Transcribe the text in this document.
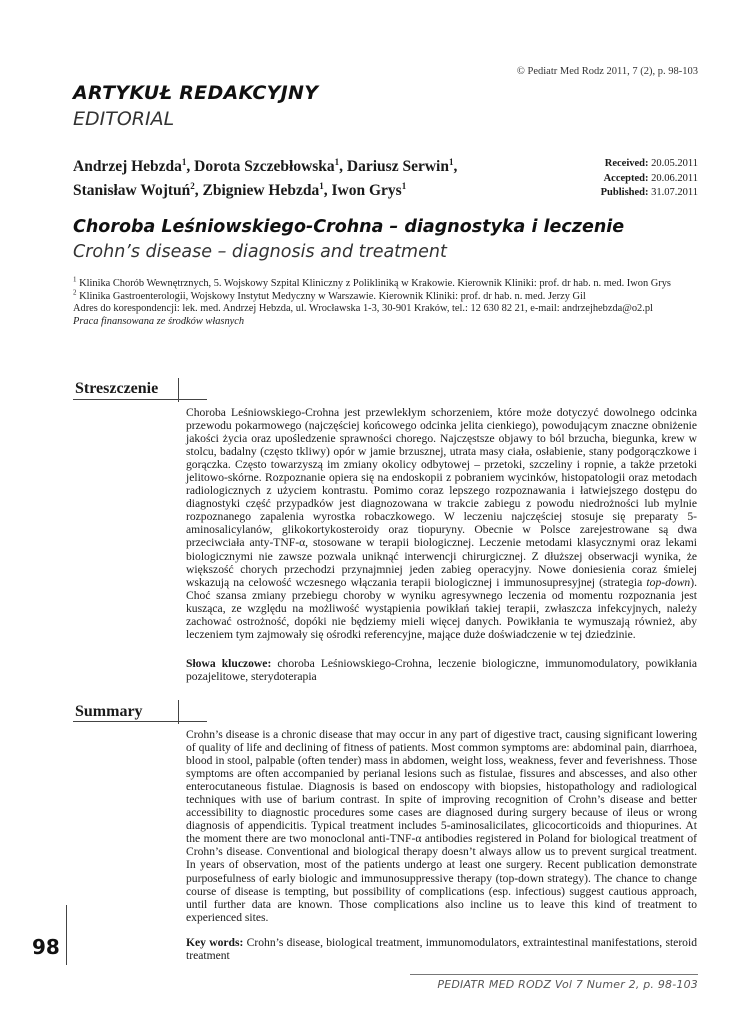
© Pediatr Med Rodz 2011, 7 (2), p. 98-103
ARTYKUŁ REDAKCYJNY
EDITORIAL
Andrzej Hebzda$^1$, Dorota Szczebłowska$^1$, Dariusz Serwin$^1$,
Stanisław Wojtuń$^2$, Zbigniew Hebzda$^1$, Iwon Grys$^1$
Received: 20.05.2011
Accepted: 20.06.2011
Published: 31.07.2011
Choroba Leśniowskiego-Crohna – diagnostyka i leczenie
Crohn’s disease – diagnosis and treatment
$^1$ Klinika Chorób Wewnętrznych, 5. Wojskowy Szpital Kliniczny z Polikliniką w Krakowie. Kierownik Kliniki: prof. dr hab. n. med. Iwon Grys
$^2$ Klinika Gastroenterologii, Wojskowy Instytut Medyczny w Warszawie. Kierownik Kliniki: prof. dr hab. n. med. Jerzy Gil
Adres do korespondencji: lek. med. Andrzej Hebzda, ul. Wrocławska 1-3, 30-901 Kraków, tel.: 12 630 82 21, e-mail: andrzejhebzda@o2.pl
Praca finansowana ze środków własnych
Streszczenie
Choroba Leśniowskiego-Crohna jest przewlekłym schorzeniem, które może dotyczyć dowolnego odcinka przewodu pokarmowego (najczęściej końcowego odcinka jelita cienkiego), powodującym znaczne obniżenie jakości życia oraz upośledzenie sprawności chorego. Najczęstsze objawy to ból brzucha, biegunka, krew w stolcu, badalny (często tkliwy) opór w jamie brzusznej, utrata masy ciała, osłabienie, stany podgorączkowe i gorączka. Często towarzyszą im zmiany okolicy odbytowej – przetoki, szczeliny i ropnie, a także przetoki jelitowo-skórne. Rozpoznanie opiera się na endoskopii z pobraniem wycinków, histopatologii oraz metodach radiologicznych z użyciem kontrastu. Pomimo coraz lepszego rozpoznawania i łatwiejszego dostępu do diagnostyki część przypadków jest diagnozowana w trakcie zabiegu z powodu niedrożności lub mylnie rozpoznanego zapalenia wyrostka robaczkowego. W leczeniu najczęściej stosuje się preparaty 5-aminosalicylanów, glikokortykosteroidy oraz tiopuryny. Obecnie w Polsce zarejestrowane są dwa przeciwciała anty-TNF-α, stosowane w terapii biologicznej. Leczenie metodami klasycznymi oraz lekami biologicznymi nie zawsze pozwala uniknąć interwencji chirurgicznej. Z dłuższej obserwacji wynika, że większość chorych przechodzi przynajmniej jeden zabieg operacyjny. Nowe doniesienia coraz śmielej wskazują na celowość wczesnego włączania terapii biologicznej i immunosupresyjnej (strategia top-down). Choć szansa zmiany przebiegu choroby w wyniku agresywnego leczenia od momentu rozpoznania jest kusząca, ze względu na możliwość wystąpienia powikłań takiej terapii, zwłaszcza infekcyjnych, należy zachować ostrożność, dopóki nie będziemy mieli więcej danych. Powikłania te wymuszają również, aby leczeniem tym zajmowały się ośrodki referencyjne, mające duże doświadczenie w tej dziedzinie.
Słowa kluczowe: choroba Leśniowskiego-Crohna, leczenie biologiczne, immunomodulatory, powikłania pozajelitowe, sterydoterapia
Summary
Crohn’s disease is a chronic disease that may occur in any part of digestive tract, causing significant lowering of quality of life and declining of fitness of patients. Most common symptoms are: abdominal pain, diarrhoea, blood in stool, palpable (often tender) mass in abdomen, weight loss, weakness, fever and feverishness. Those symptoms are often accompanied by perianal lesions such as fistulae, fissures and abscesses, and also other enterocutaneous fistulae. Diagnosis is based on endoscopy with biopsies, histopathology and radiological techniques with use of barium contrast. In spite of improving recognition of Crohn’s disease and better accessibility to diagnostic procedures some cases are diagnosed during surgery because of ileus or wrong diagnosis of appendicitis. Typical treatment includes 5-aminosalicilates, glicocorticoids and thiopurines. At the moment there are two monoclonal anti-TNF-α antibodies registered in Poland for biological treatment of Crohn’s disease. Conventional and biological therapy doesn’t always allow us to prevent surgical treatment. In years of observation, most of the patients undergo at least one surgery. Recent publication demonstrate purposefulness of early biologic and immunosuppressive therapy (top-down strategy). The chance to change course of disease is tempting, but possibility of complications (esp. infectious) suggest cautious approach, until further data are known. Those complications also incline us to leave this kind of treatment to experienced sites.
Key words: Crohn’s disease, biological treatment, immunomodulators, extraintestinal manifestations, steroid treatment
98
PEDIATR MED RODZ Vol 7 Numer 2, p. 98-103
